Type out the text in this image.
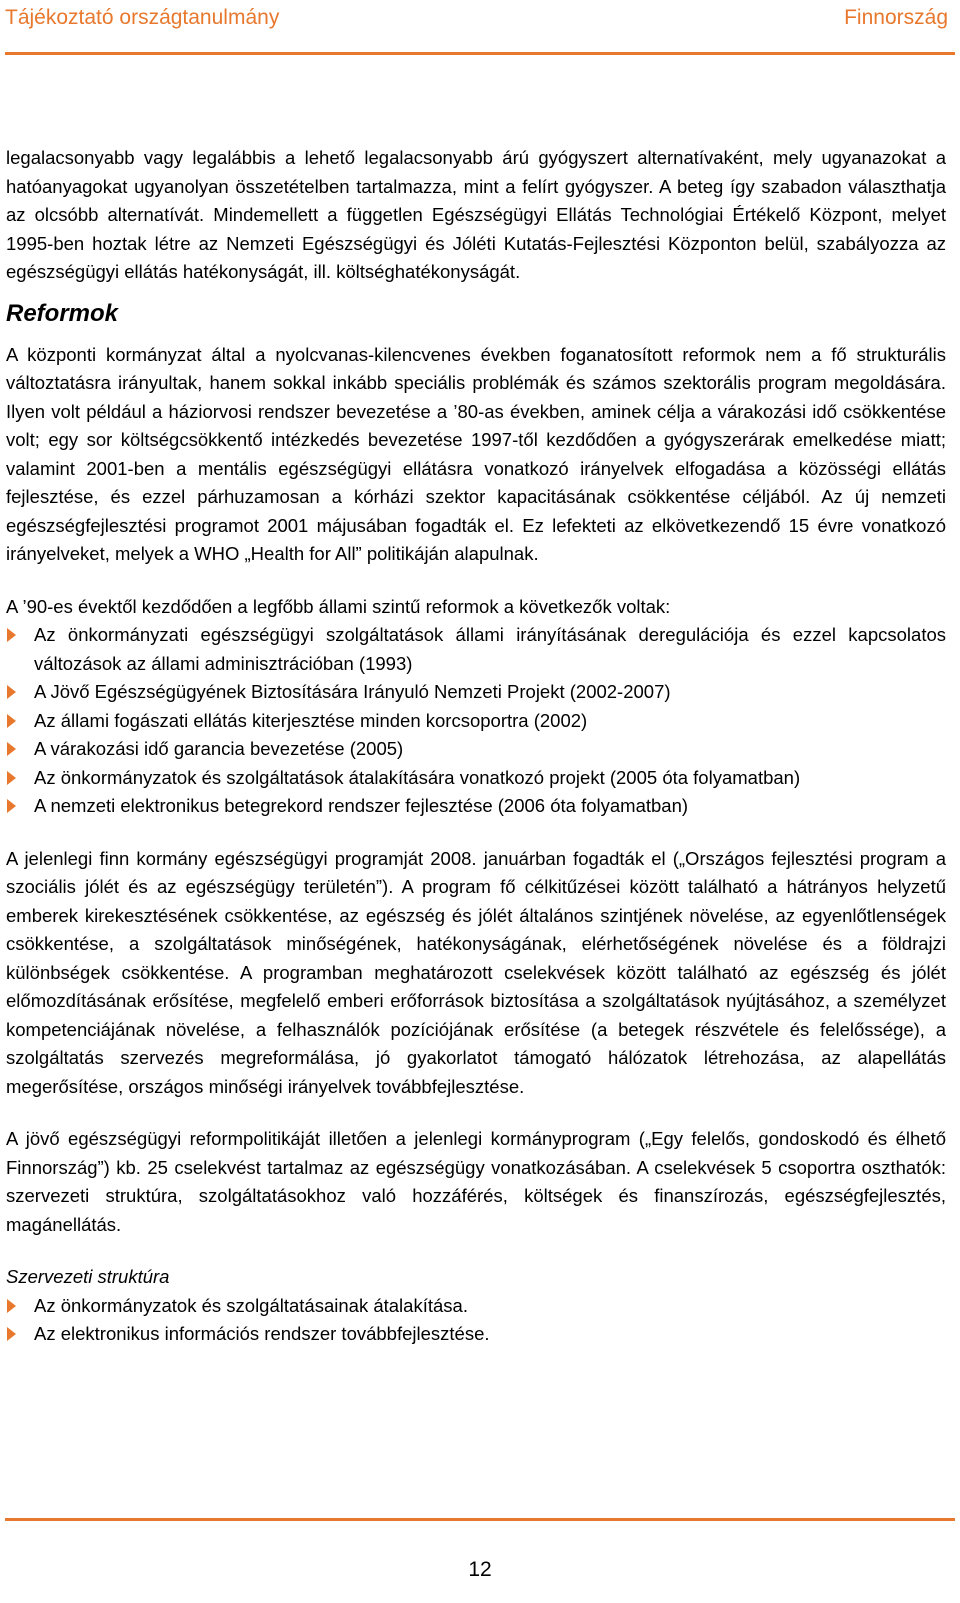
Tájékoztató országtanulmány	Finnország

legalacsonyabb vagy legalábbis a lehető legalacsonyabb árú gyógyszert alternatívaként, mely ugyanazokat a hatóanyagokat ugyanolyan összetételben tartalmazza, mint a felírt gyógyszer. A beteg így szabadon választhatja az olcsóbb alternatívát. Mindemellett a független Egészségügyi Ellátás Technológiai Értékelő Központ, melyet 1995-ben hoztak létre az Nemzeti Egészségügyi és Jóléti Kutatás-Fejlesztési Központon belül, szabályozza az egészségügyi ellátás hatékonyságát, ill. költséghatékonyságát.

Reformok

A központi kormányzat által a nyolcvanas-kilencvenes években foganatosított reformok nem a fő strukturális változtatásra irányultak, hanem sokkal inkább speciális problémák és számos szektorális program megoldására. Ilyen volt például a háziorvosi rendszer bevezetése a ’80-as években, aminek célja a várakozási idő csökkentése volt; egy sor költségcsökkentő intézkedés bevezetése 1997-től kezdődően a gyógyszerárak emelkedése miatt; valamint 2001-ben a mentális egészségügyi ellátásra vonatkozó irányelvek elfogadása a közösségi ellátás fejlesztése, és ezzel párhuzamosan a kórházi szektor kapacitásának csökkentése céljából. Az új nemzeti egészségfejlesztési programot 2001 májusában fogadták el. Ez lefekteti az elkövetkezendő 15 évre vonatkozó irányelveket, melyek a WHO „Health for All” politikáján alapulnak.

A ’90-es évektől kezdődően a legfőbb állami szintű reformok a következők voltak:

Az önkormányzati egészségügyi szolgáltatások állami irányításának deregulációja és ezzel kapcsolatos változások az állami adminisztrációban (1993)
A Jövő Egészségügyének Biztosítására Irányuló Nemzeti Projekt (2002-2007)
Az állami fogászati ellátás kiterjesztése minden korcsoportra (2002)
A várakozási idő garancia bevezetése (2005)
Az önkormányzatok és szolgáltatások átalakítására vonatkozó projekt (2005 óta folyamatban)
A nemzeti elektronikus betegrekord rendszer fejlesztése (2006 óta folyamatban)

A jelenlegi finn kormány egészségügyi programját 2008. januárban fogadták el („Országos fejlesztési program a szociális jólét és az egészségügy területén”). A program fő célkitűzései között található a hátrányos helyzetű emberek kirekesztésének csökkentése, az egészség és jólét általános szintjének növelése, az egyenlőtlenségek csökkentése, a szolgáltatások minőségének, hatékonyságának, elérhetőségének növelése és a földrajzi különbségek csökkentése. A programban meghatározott cselekvések között található az egészség és jólét előmozdításának erősítése, megfelelő emberi erőforrások biztosítása a szolgáltatások nyújtásához, a személyzet kompetenciájának növelése, a felhasználók pozíciójának erősítése (a betegek részvétele és felelőssége), a szolgáltatás szervezés megreformálása, jó gyakorlatot támogató hálózatok létrehozása, az alapellátás megerősítése, országos minőségi irányelvek továbbfejlesztése.

A jövő egészségügyi reformpolitikáját illetően a jelenlegi kormányprogram („Egy felelős, gondoskodó és élhető Finnország”) kb. 25 cselekvést tartalmaz az egészségügy vonatkozásában. A cselekvések 5 csoportra oszthatók: szervezeti struktúra, szolgáltatásokhoz való hozzáférés, költségek és finanszírozás, egészségfejlesztés, magánellátás.

Szervezeti struktúra

Az önkormányzatok és szolgáltatásainak átalakítása.
Az elektronikus információs rendszer továbbfejlesztése.
12
